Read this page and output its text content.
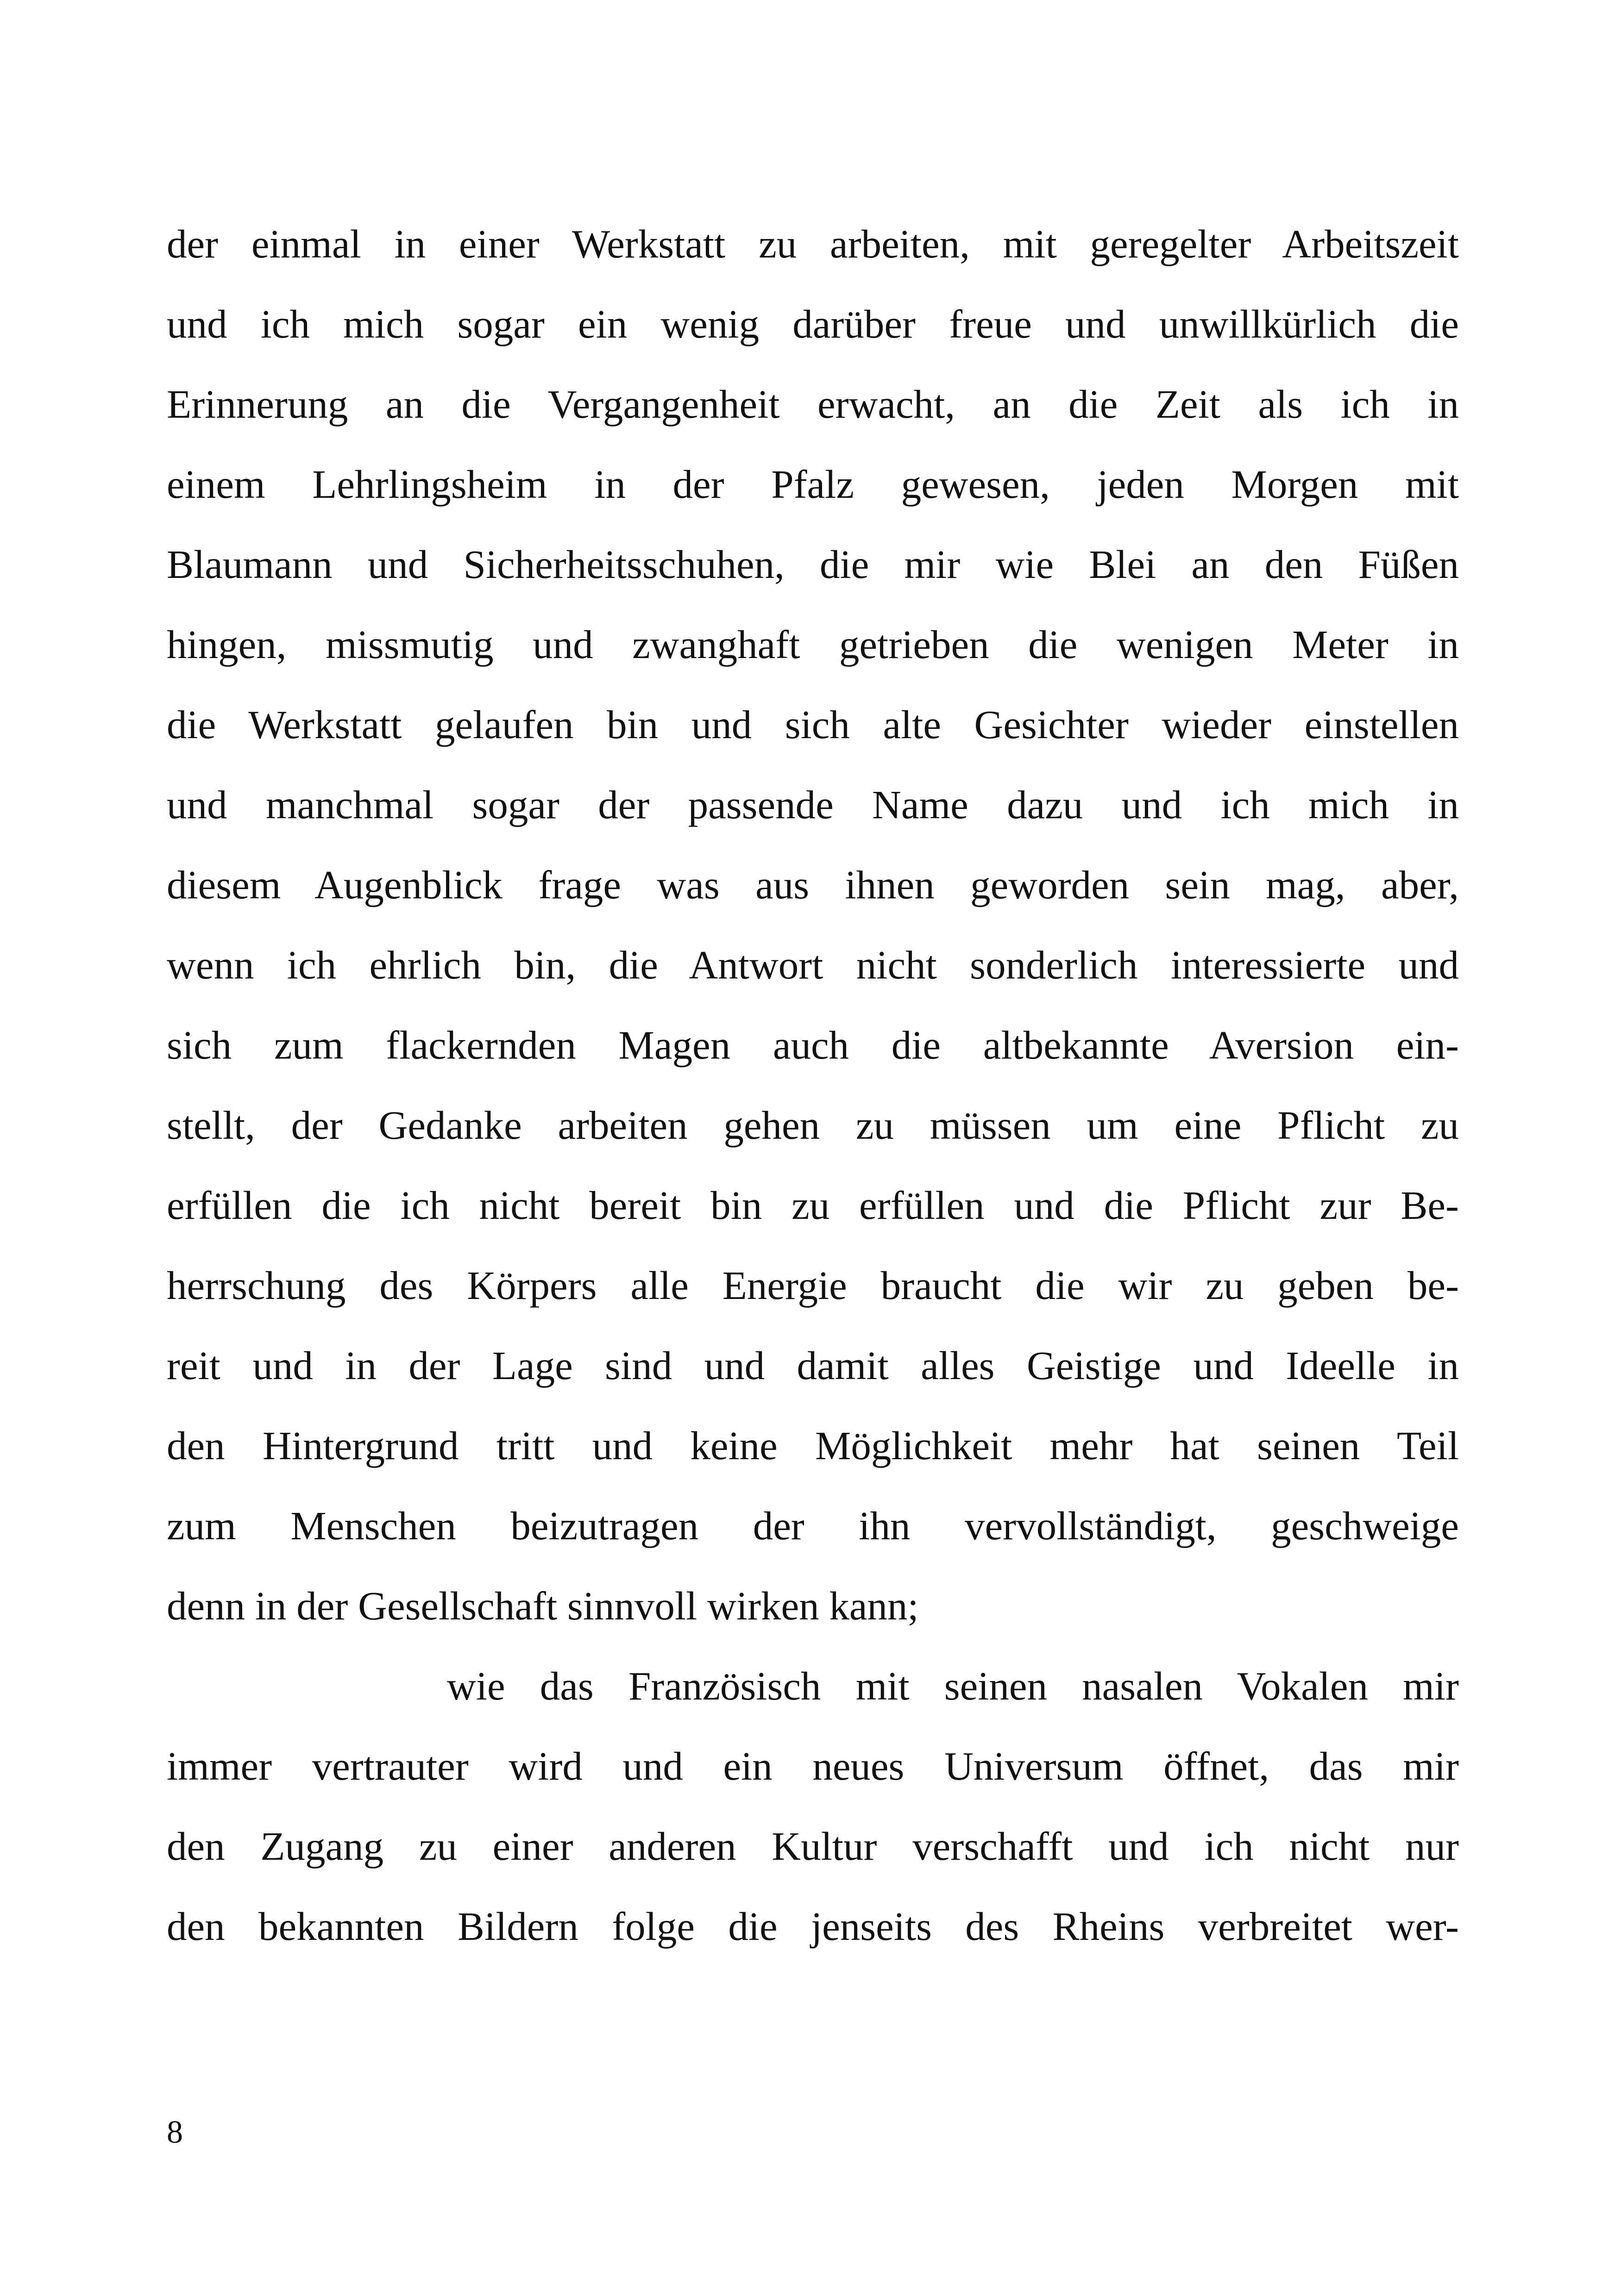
der einmal in einer Werkstatt zu arbeiten, mit geregelter Arbeitszeit
und ich mich sogar ein wenig darüber freue und unwillkürlich die
Erinnerung an die Vergangenheit erwacht, an die Zeit als ich in
einem Lehrlingsheim in der Pfalz gewesen, jeden Morgen mit
Blaumann und Sicherheitsschuhen, die mir wie Blei an den Füßen
hingen, missmutig und zwanghaft getrieben die wenigen Meter in
die Werkstatt gelaufen bin und sich alte Gesichter wieder einstellen
und manchmal sogar der passende Name dazu und ich mich in
diesem Augenblick frage was aus ihnen geworden sein mag, aber,
wenn ich ehrlich bin, die Antwort nicht sonderlich interessierte und
sich zum flackernden Magen auch die altbekannte Aversion ein-
stellt, der Gedanke arbeiten gehen zu müssen um eine Pflicht zu
erfüllen die ich nicht bereit bin zu erfüllen und die Pflicht zur Be-
herrschung des Körpers alle Energie braucht die wir zu geben be-
reit und in der Lage sind und damit alles Geistige und Ideelle in
den Hintergrund tritt und keine Möglichkeit mehr hat seinen Teil
zum Menschen beizutragen der ihn vervollständigt, geschweige
denn in der Gesellschaft sinnvoll wirken kann;
wie das Französisch mit seinen nasalen Vokalen mir
immer vertrauter wird und ein neues Universum öffnet, das mir
den Zugang zu einer anderen Kultur verschafft und ich nicht nur
den bekannten Bildern folge die jenseits des Rheins verbreitet wer-
8
